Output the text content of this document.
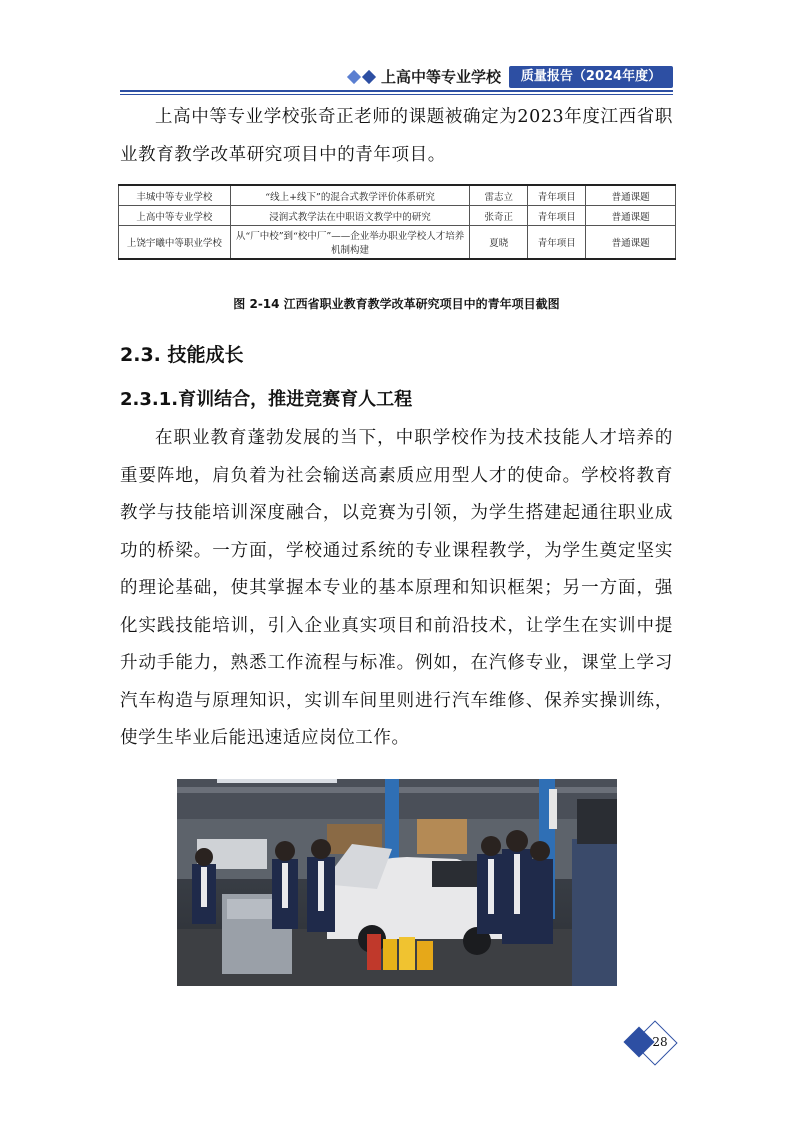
上高中等专业学校	质量报告（2024年度）

上高中等专业学校张奇正老师的课题被确定为2023年度江西省职业教育教学改革研究项目中的青年项目。

丰城中等专业学校	“线上+线下”的混合式教学评价体系研究	雷志立	青年项目	普通课题
上高中等专业学校	浸润式教学法在中职语文教学中的研究	张奇正	青年项目	普通课题
上饶宇曦中等职业学校	从“厂中校”到“校中厂”——企业举办职业学校人才培养机制构建	夏晓	青年项目	普通课题
图 2-14 江西省职业教育教学改革研究项目中的青年项目截图
2.3. 技能成长
2.3.1.育训结合，推进竞赛育人工程

在职业教育蓬勃发展的当下，中职学校作为技术技能人才培养的重要阵地，肩负着为社会输送高素质应用型人才的使命。学校将教育教学与技能培训深度融合，以竞赛为引领，为学生搭建起通往职业成功的桥梁。一方面，学校通过系统的专业课程教学，为学生奠定坚实的理论基础，使其掌握本专业的基本原理和知识框架；另一方面，强化实践技能培训，引入企业真实项目和前沿技术，让学生在实训中提升动手能力，熟悉工作流程与标准。例如，在汽修专业，课堂上学习汽车构造与原理知识，实训车间里则进行汽车维修、保养实操训练，使学生毕业后能迅速适应岗位工作。

28
